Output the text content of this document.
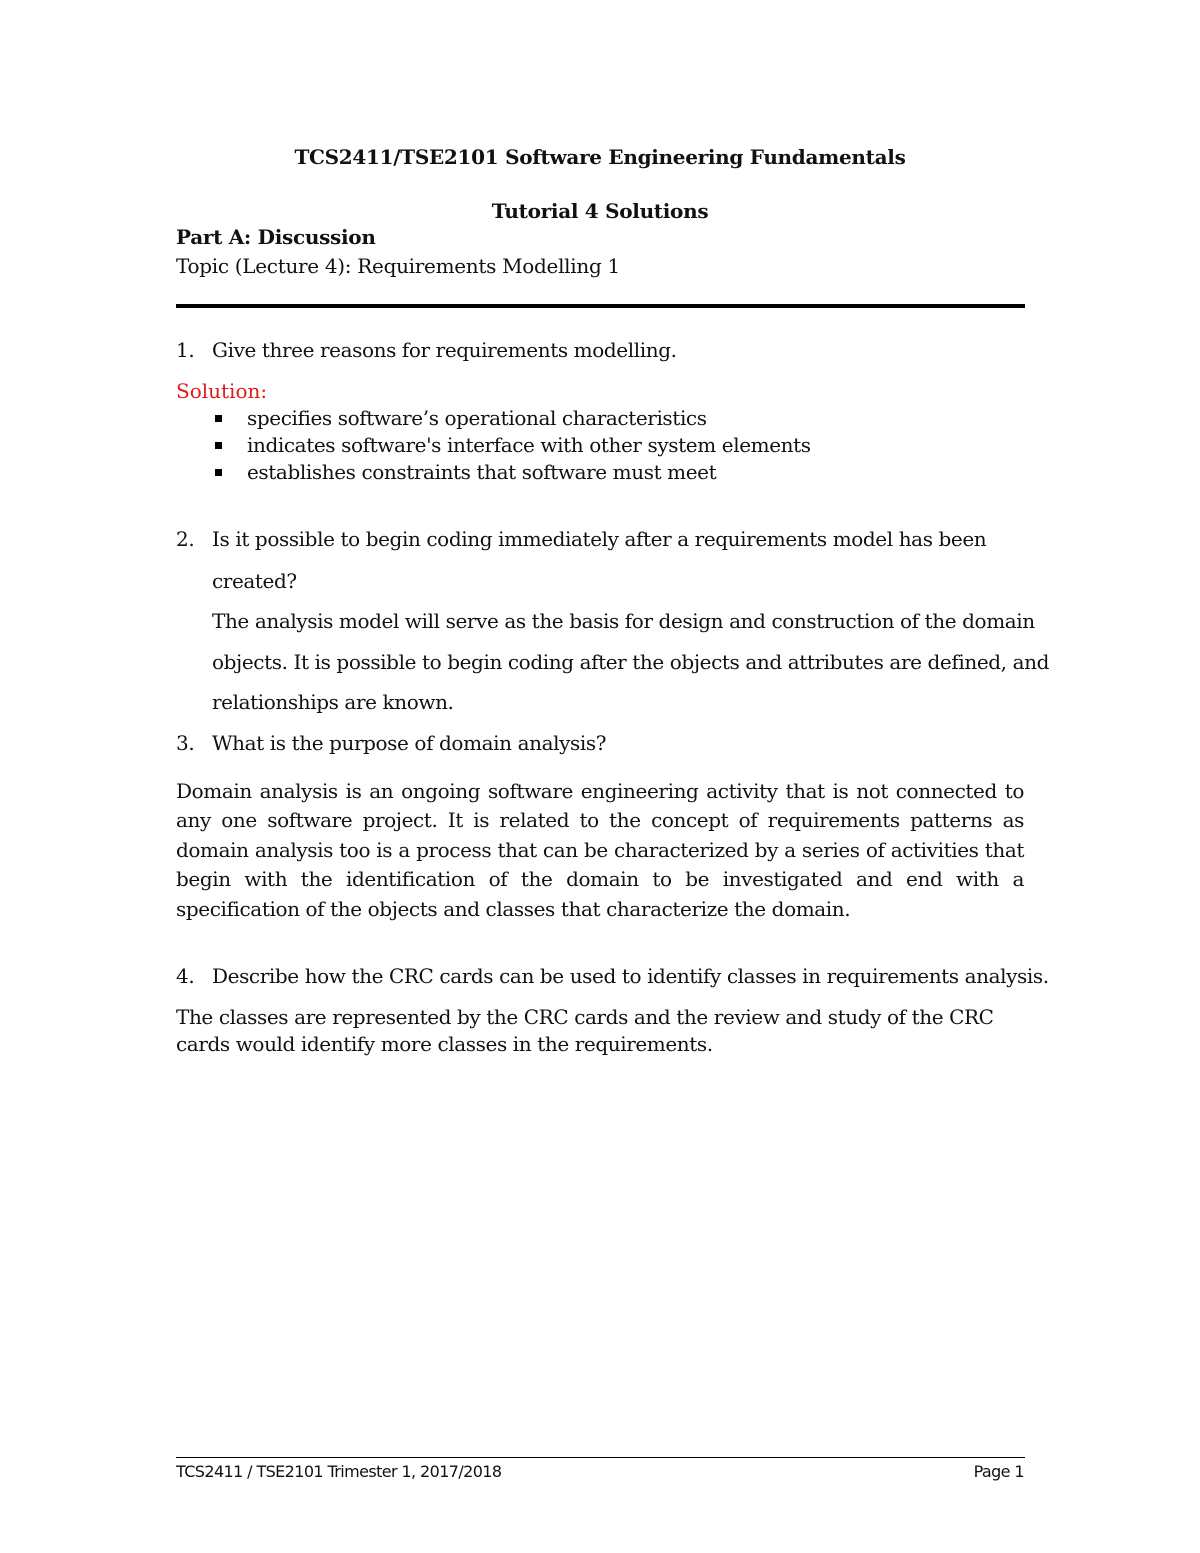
TCS2411/TSE2101 Software Engineering Fundamentals
Tutorial 4 Solutions
Part A: Discussion
Topic (Lecture 4): Requirements Modelling 1
1. Give three reasons for requirements modelling.
Solution:
specifies software’s operational characteristics
indicates software's interface with other system elements
establishes constraints that software must meet
2. Is it possible to begin coding immediately after a requirements model has been
created?
The analysis model will serve as the basis for design and construction of the domain
objects. It is possible to begin coding after the objects and attributes are defined, and
relationships are known.
3. What is the purpose of domain analysis?
Domain analysis is an ongoing software engineering activity that is not connected to any one software project. It is related to the concept of requirements patterns as domain analysis too is a process that can be characterized by a series of activities that begin with the identification of the domain to be investigated and end with a specification of the objects and classes that characterize the domain.
4. Describe how the CRC cards can be used to identify classes in requirements analysis.
The classes are represented by the CRC cards and the review and study of the CRC cards would identify more classes in the requirements.
TCS2411 / TSE2101 Trimester 1, 2017/2018	Page 1
